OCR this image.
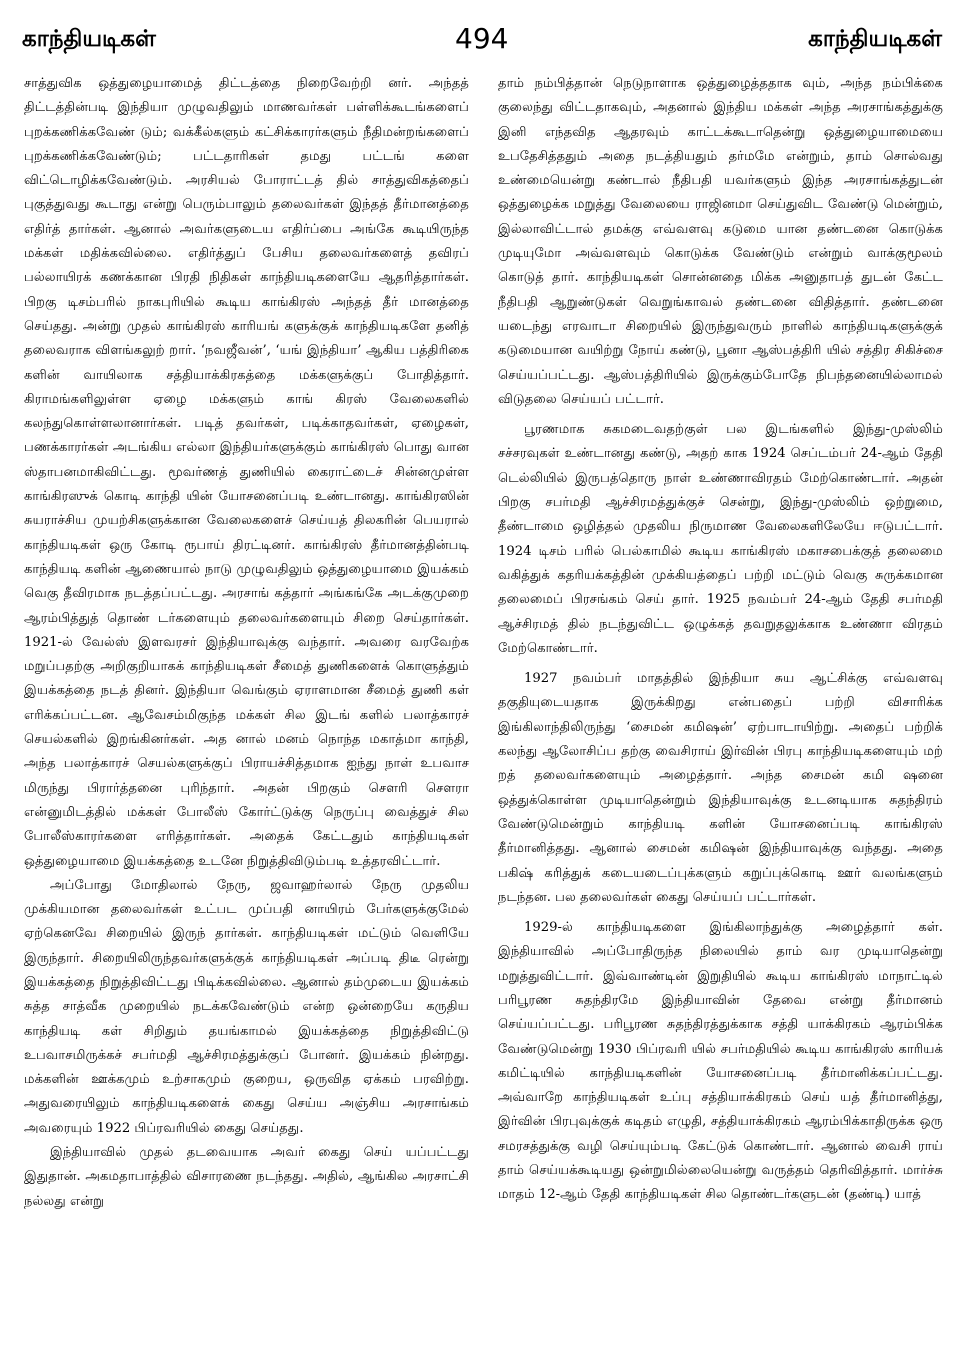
காந்தியடிகள்	494	காந்தியடிகள்

சாத்துவிக ஒத்துழையாமைத் திட்டத்தை நிறைவேற்றி னர். அந்தத் திட்டத்தின்படி இந்தியா முழுவதிலும் மாணவர்கள் பள்ளிக்கூடங்களைப் புறக்கணிக்கவேண் டும்; வக்கீல்களும் கட்சிக்காரர்களும் நீதிமன்றங்களைப் புறக்கணிக்கவேண்டும்; பட்டதாரிகள் தமது பட்டங் களை விட்டொழிக்கவேண்டும். அரசியல் போராட்டத் தில் சாத்துவிகத்தைப் புகுத்துவது கூடாது என்று பெரும்பாலும் தலைவர்கள் இந்தத் தீர்மானத்தை எதிர்த் தார்கள். ஆனால் அவர்களுடைய எதிர்ப்பை அங்கே கூடியிருந்த மக்கள் மதிக்கவில்லை. எதிர்த்துப் பேசிய தலைவர்களைத் தவிரப் பல்லாயிரக் கணக்கான பிரதி நிதிகள் காந்தியடிகளையே ஆதரித்தார்கள். பிறகு டிசம்பரில் நாகபுரியில் கூடிய காங்கிரஸ் அந்தத் தீர் மானத்தை செய்தது. அன்று முதல் காங்கிரஸ் காரியங் களுக்குக் காந்தியடிகளே தனித் தலைவராக விளங்கலுற் றார். ‘நவஜீவன்’, ‘யங் இந்தியா’ ஆகிய பத்திரிகை களின் வாயிலாக சத்தியாக்கிரகத்தை மக்களுக்குப் போதித்தார். கிராமங்களிலுள்ள ஏழை மக்களும் காங் கிரஸ் வேலைகளில் கலந்துகொள்ளலானார்கள். படித் தவர்கள், படிக்காதவர்கள், ஏழைகள், பணக்காரர்கள் அடங்கிய எல்லா இந்தியர்களுக்கும் காங்கிரஸ் பொது வான ஸ்தாபனமாகிவிட்டது. மூவர்ணத் துணியில் கைராட்டைச் சின்னமுள்ள காங்கிரஸுக் கொடி காந்தி யின் யோசனைப்படி உண்டானது. காங்கிரஸின் சுயராச்சிய முயற்சிகளுக்கான வேலைகளைச் செய்யத் திலகரின் பெயரால் காந்தியடிகள் ஒரு கோடி ரூபாய் திரட்டினர். காங்கிரஸ் தீர்மானத்தின்படி காந்தியடி களின் ஆணையால் நாடு முழுவதிலும் ஒத்துழையாமை இயக்கம் வெகு தீவிரமாக நடத்தப்பட்டது. அரசாங் கத்தார் அங்கங்கே அடக்குமுறை ஆரம்பித்துத் தொண் டர்களையும் தலைவர்களையும் சிறை செய்தார்கள். 1921-ல் வேல்ஸ் இளவரசர் இந்தியாவுக்கு வந்தார். அவரை வரவேற்க மறுப்பதற்கு அறிகுறியாகக் காந்தியடிகள் சீமைத் துணிகளைக் கொளுத்தும் இயக்கத்தை நடத் தினர். இந்தியா வெங்கும் ஏராளமான சீமைத் துணி கள் எரிக்கப்பட்டன. ஆவேசம்மிகுந்த மக்கள் சில இடங் களில் பலாத்காரச் செயல்களில் இறங்கினர்கள். அத னால் மனம் நொந்த மகாத்மா காந்தி, அந்த பலாத்காரச் செயல்களுக்குப் பிராயச்சித்தமாக ஐந்து நாள் உபவாச மிருந்து பிரார்த்தனை புரிந்தார். அதன் பிறகும் சௌரி சௌரா என்னுமிடத்தில் மக்கள் போலீஸ் கோர்ட்டுக்கு நெருப்பு வைத்துச் சில போலீஸ்காரர்களை எரித்தார்கள். அதைக் கேட்டதும் காந்தியடிகள் ஒத்துழையாமை இயக்கத்தை உடனே நிறுத்திவிடும்படி உத்தரவிட்டார்.

அப்போது மோதிலால் நேரு, ஜவாஹர்லால் நேரு முதலிய முக்கியமான தலைவர்கள் உட்பட முப்பதி னாயிரம் பேர்களுக்குமேல் ஏற்கெனவே சிறையில் இருந் தார்கள். காந்தியடிகள் மட்டும் வெளியே இருந்தார். சிறையிலிருந்தவர்களுக்குக் காந்தியடிகள் அப்படி திடீ ரென்று இயக்கத்தை நிறுத்திவிட்டது பிடிக்கவில்லை. ஆனால் தம்முடைய இயக்கம் சுத்த சாத்வீக முறையில் நடக்கவேண்டும் என்ற ஒன்றையே கருதிய காந்தியடி கள் சிறிதும் தயங்காமல் இயக்கத்தை நிறுத்திவிட்டு உபவாசமிருக்கச் சபர்மதி ஆச்சிரமத்துக்குப் போனர். இயக்கம் நின்றது. மக்களின் ஊக்கமும் உற்சாகமும் குறைய, ஒருவித ஏக்கம் பரவிற்று. அதுவரையிலும் காந்தியடிகளைக் கைது செய்ய அஞ்சிய அரசாங்கம் அவரையும் 1922 பிப்ரவரியில் கைது செய்தது.

இந்தியாவில் முதல் தடவையாக அவர் கைது செய் யப்பட்டது இதுதான். அகமதாபாத்தில் விசாரணை நடந்தது. அதில், ஆங்கில அரசாட்சி நல்லது என்று

தாம் நம்பித்தான் நெடுநாளாக ஒத்துழைத்ததாக வும், அந்த நம்பிக்கை குலைந்து விட்டதாகவும், அதனால் இந்திய மக்கள் அந்த அரசாங்கத்துக்கு இனி எந்தவித ஆதரவும் காட்டக்கூடாதென்று ஒத்துழையாமையை உபதேசித்ததும் அதை நடத்தியதும் தர்மமே என்றும், தாம் சொல்வது உண்மையென்று கண்டால் நீதிபதி யவர்களும் இந்த அரசாங்கத்துடன் ஒத்துழைக்க மறுத்து வேலையை ராஜினமா செய்துவிட வேண்டு மென்றும், இல்லாவிட்டால் தமக்கு எவ்வளவு கடுமை யான தண்டனை கொடுக்க முடியுமோ அவ்வளவும் கொடுக்க வேண்டும் என்றும் வாக்குமூலம் கொடுத் தார். காந்தியடிகள் சொன்னதை மிக்க அனுதாபத் துடன் கேட்ட நீதிபதி ஆறுண்டுகள் வெறுங்காவல் தண்டனை விதித்தார். தண்டனை யடைந்து எரவாடா சிறையில் இருந்துவரும் நாளில் காந்தியடிகளுக்குக் கடுமையான வயிற்று நோய் கண்டு, பூனா ஆஸ்பத்திரி யில் சத்திர சிகிச்சை செய்யப்பட்டது. ஆஸ்பத்திரியில் இருக்கும்போதே நிபந்தனையில்லாமல் விடுதலை செய்யப் பட்டார்.

பூரணமாக சுகமடைவதற்குள் பல இடங்களில் இந்து-முஸ்லிம் சச்சரவுகள் உண்டானது கண்டு, அதற் காக 1924 செப்டம்பர் 24-ஆம் தேதி டெல்லியில் இருபத்தொரு நாள் உண்ணாவிரதம் மேற்கொண்டார். அதன் பிறகு சபர்மதி ஆச்சிரமத்துக்குச் சென்று, இந்து-முஸ்லிம் ஒற்றுமை, தீண்டாமை ஒழித்தல் முதலிய நிருமாண வேலைகளிலேயே ஈடுபட்டார். 1924 டிசம் பரில் பெல்காமில் கூடிய காங்கிரஸ் மகாசபைக்குத் தலைமை வகித்துக் கதரியக்கத்தின் முக்கியத்தைப் பற்றி மட்டும் வெகு சுருக்கமான தலைமைப் பிரசங்கம் செய் தார். 1925 நவம்பர் 24-ஆம் தேதி சபர்மதி ஆச்சிரமத் தில் நடந்துவிட்ட ஒழுக்கத் தவறுதலுக்காக உண்ணா விரதம் மேற்கொண்டார்.

1927 நவம்பர் மாதத்தில் இந்தியா சுய ஆட்சிக்கு எவ்வளவு தகுதியுடையதாக இருக்கிறது என்பதைப் பற்றி விசாரிக்க இங்கிலாந்திலிருந்து ‘சைமன் கமிஷன்’ ஏற்பாடாயிற்று. அதைப் பற்றிக் கலந்து ஆலோசிப்ப தற்கு வைசிராய் இர்வின் பிரபு காந்தியடிகளையும் மற் றத் தலைவர்களையும் அழைத்தார். அந்த சைமன் கமி ஷனை ஒத்துக்கொள்ள முடியாதென்றும் இந்தியாவுக்கு உடனடியாக சுதந்திரம் வேண்டுமென்றும் காந்தியடி களின் யோசனைப்படி காங்கிரஸ் தீர்மானித்தது. ஆனால் சைமன் கமிஷன் இந்தியாவுக்கு வந்தது. அதை பகிஷ் கரித்துக் கடையடைப்புக்களும் கறுப்புக்கொடி ஊர் வலங்களும் நடந்தன. பல தலைவர்கள் கைது செய்யப் பட்டார்கள்.

1929-ல் காந்தியடிகளை இங்கிலாந்துக்கு அழைத்தார் கள். இந்தியாவில் அப்போதிருந்த நிலையில் தாம் வர முடியாதென்று மறுத்துவிட்டார். இவ்வாண்டின் இறுதியில் கூடிய காங்கிரஸ் மாநாட்டில் பரிபூரண சுதந்திரமே இந்தியாவின் தேவை என்று தீர்மானம் செய்யப்பட்டது. பரிபூரண சுதந்திரத்துக்காக சத்தி யாக்கிரகம் ஆரம்பிக்க வேண்டுமென்று 1930 பிப்ரவரி யில் சபர்மதியில் கூடிய காங்கிரஸ் காரியக் கமிட்டியில் காந்தியடிகளின் யோசனைப்படி தீர்மானிக்கப்பட்டது. அவ்வாறே காந்தியடிகள் உப்பு சத்தியாக்கிரகம் செய் யத் தீர்மானித்து, இர்வின் பிரபுவுக்குக் கடிதம் எழுதி, சத்தியாக்கிரகம் ஆரம்பிக்காதிருக்க ஒரு சமரசத்துக்கு வழி செய்யும்படி கேட்டுக் கொண்டார். ஆனால் வைசி ராய் தாம் செய்யக்கூடியது ஒன்றுமில்லையென்று வருத்தம் தெரிவித்தார். மார்ச்சு மாதம் 12-ஆம் தேதி காந்தியடிகள் சில தொண்டர்களுடன் (தண்டி) யாத்
